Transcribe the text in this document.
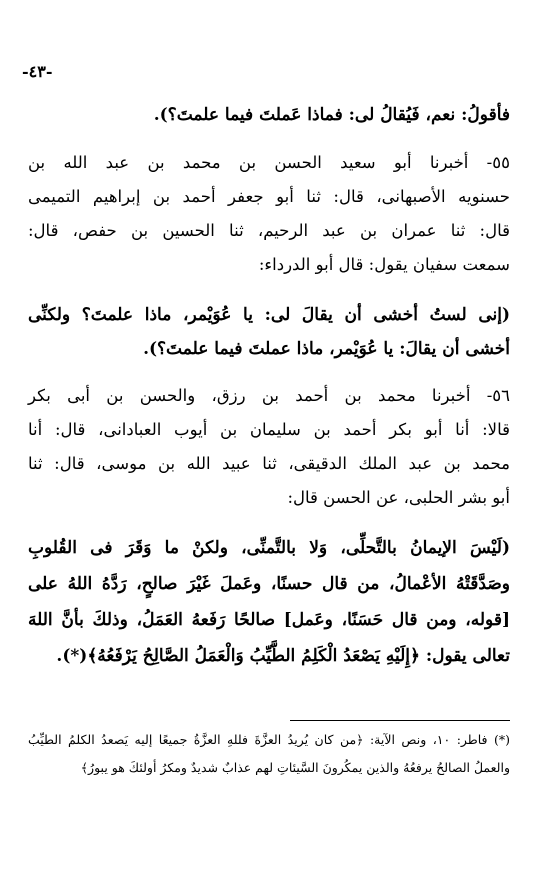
-٤٣-
فأقولُ: نعم، فَيُقالُ لى: فماذا عَملتَ فيما علمتَ؟).
٥٥- أخبرنا أبو سعيد الحسن بن محمد بن عبد الله بن
حسنويه الأصبهانى، قال: ثنا أبو جعفر أحمد بن إبراهيم التميمى
قال: ثنا عمران بن عبد الرحيم، ثنا الحسين بن حفص، قال:
سمعت سفيان يقول: قال أبو الدرداء:
(إنى لستُ أخشى أن يقالَ لى: يا عُوَيْمر، ماذا علمتَ؟ ولكنِّى
أخشى أن يقالَ: يا عُوَيْمر، ماذا عملتَ فيما علمتَ؟).
٥٦- أخبرنا محمد بن أحمد بن رزق، والحسن بن أبى بكر
قالا: أنا أبو بكر أحمد بن سليمان بن أيوب العبادانى، قال: أنا
محمد بن عبد الملك الدقيقى، ثنا عبيد الله بن موسى، قال: ثنا
أبو بشر الحلبى، عن الحسن قال:
(لَيْسَ الإيمانُ بالتَّحلِّى، وَلا بالتَّمنِّى، ولكنْ ما وَقَرَ فى القُلوبِ
وصَدَّقَتْهُ الأعْمالُ، من قال حسنًا، وعَملَ غَيْرَ صالحٍ، رَدَّهُ اللهُ على
[قوله، ومن قال حَسَنًا، وعَمل] صالحًا رَفَعهُ العَمَلُ، وذلكَ بأنَّ اللهَ
تعالى يقول: ﴿إِلَيْهِ يَصْعَدُ الْكَلِمُ الطَّيِّبُ وَالْعَمَلُ الصَّالِحُ يَرْفَعُهُ﴾(*).
(*) فاطر: ١٠، ونص الآية: ﴿من كان يُريدُ العزَّةَ فللهِ العزَّةُ جميعًا إليه يَصعدُ الكلمُ الطيِّبُ
والعملُ الصالحُ يرفعُهُ والذين يمكُرونَ السَّيئاتِ لهم عذابٌ شديدٌ ومكرُ أولئكَ هو يبورُ﴾
